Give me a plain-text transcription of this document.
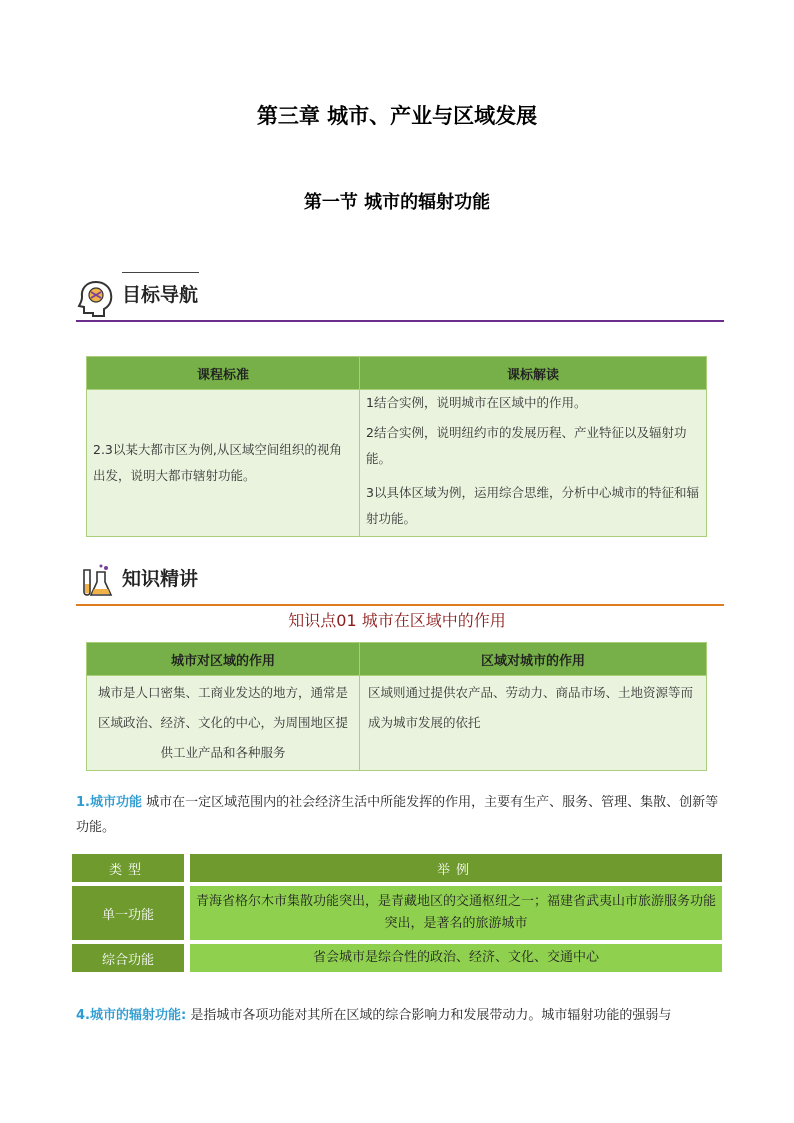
第三章 城市、产业与区域发展
第一节 城市的辐射功能
目标导航
课程标准	课标解读
2.3以某大都市区为例,从区域空间组织的视角出发，说明大都市辖射功能。	1结合实例，说明城市在区域中的作用。
2结合实例，说明纽约市的发展历程、产业特征以及辐射功能。
3以具体区域为例，运用综合思维，分析中心城市的特征和辐射功能。
知识精讲
知识点01 城市在区域中的作用
城市对区域的作用	区域对城市的作用
城市是人口密集、工商业发达的地方，通常是区域政治、经济、文化的中心，为周围地区提供工业产品和各种服务	区域则通过提供农产品、劳动力、商品市场、土地资源等而成为城市发展的依托
1.城市功能 城市在一定区域范围内的社会经济生活中所能发挥的作用，主要有生产、服务、管理、集散、创新等功能。
类型	举例
单一功能	青海省格尔木市集散功能突出，是青藏地区的交通枢纽之一；福建省武夷山市旅游服务功能突出，是著名的旅游城市
综合功能	省会城市是综合性的政治、经济、文化、交通中心
4.城市的辐射功能: 是指城市各项功能对其所在区域的综合影响力和发展带动力。城市辐射功能的强弱与
